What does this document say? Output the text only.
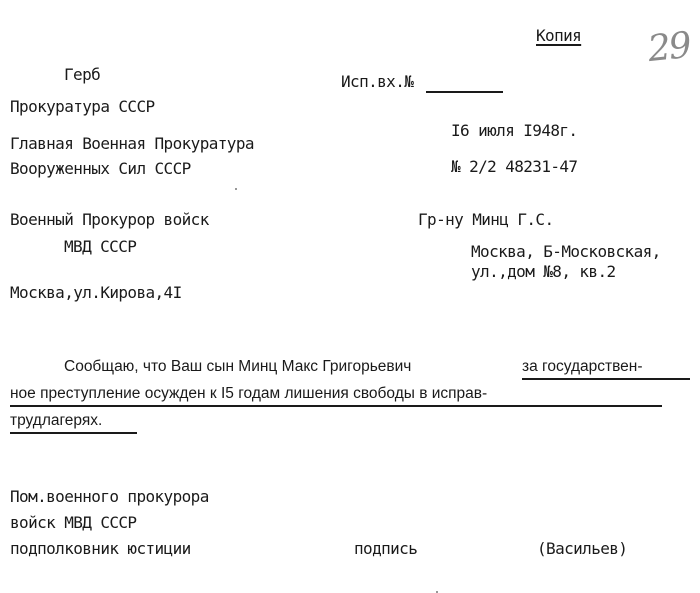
Копия 29
Герб
Прокуратура СССР
Главная Военная Прокуратура
Вооруженных Сил СССР
Исп.вх.№
I6 июля I948г.
№ 2/2 48231-47
Военный Прокурор войск
МВД СССР
Москва,ул.Кирова,4I
Гр-ну Минц Г.С.
Москва, Б-Московская,
ул.,дом №8, кв.2
Сообщаю, что Ваш сын Минц Макс Григорьевич	за государствен-
ное преступление осужден к I5 годам лишения свободы в исправ-
трудлагерях.
Пом.военного прокурора
войск МВД СССР
подполковник юстиции	подпись	(Васильев)
